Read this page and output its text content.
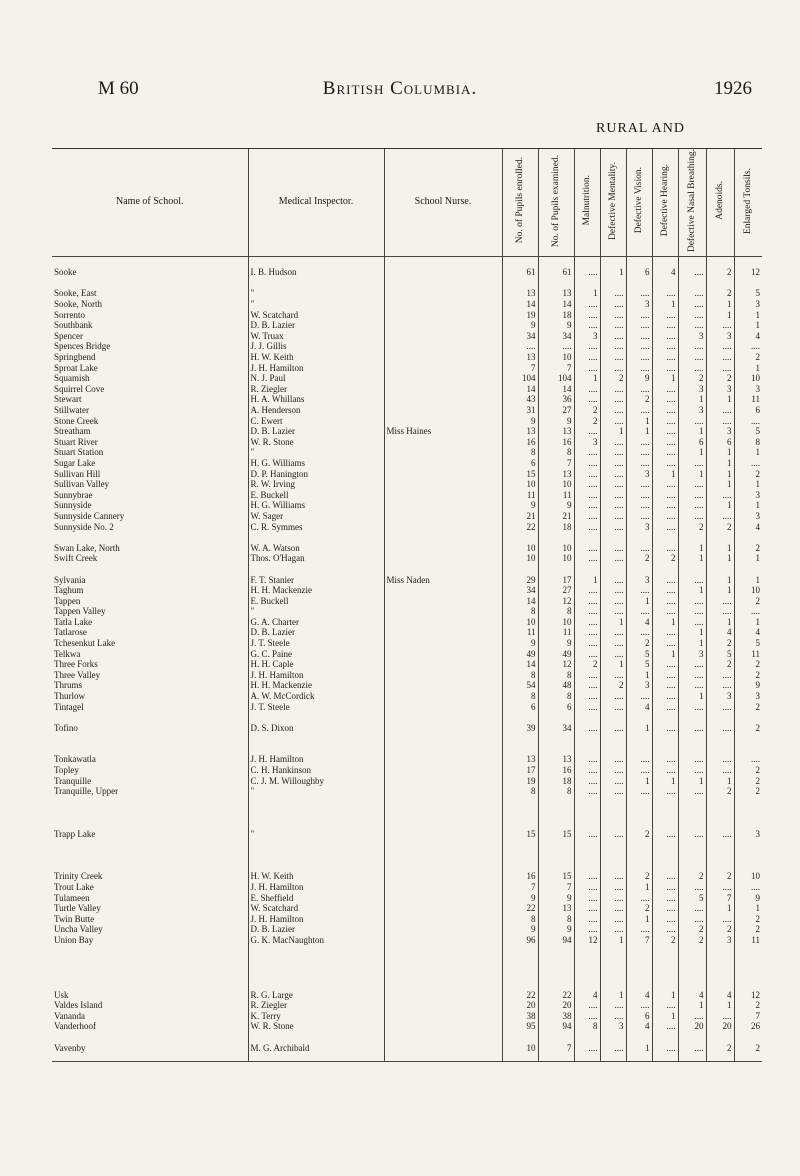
M 60	British Columbia.	1926
RURAL AND
Name of School.	Medical Inspector.	School Nurse.	No. of Pupils enrolled.	No. of Pupils examined.	Malnutrition.	Defective Mentality.	Defective Vision.	Defective Hearing.	Defective Nasal Breathing.	Adenoids.	Enlarged Tonsils.

Sooke	I. B. Hudson		61	61	....	1	6	4	....	2	12

Sooke, East	"		13	13	1	....	....	....	....	2	5
Sooke, North	"		14	14	....	....	3	1	....	1	3
Sorrento	W. Scatchard		19	18	....	....	....	....	....	1	1
Southbank	D. B. Lazier		9	9	....	....	....	....	....	....	1
Spencer	W. Truax		34	34	3	....	....	....	3	3	4
Spences Bridge	J. J. Gillis		....	....	....	....	....	....	....	....	....
Springbend	H. W. Keith		13	10	....	....	....	....	....	....	2
Sproat Lake	J. H. Hamilton		7	7	....	....	....	....	....	....	1
Squamish	N. J. Paul		104	104	1	2	9	1	2	2	10
Squirrel Cove	R. Ziegler		14	14	....	....	....	....	3	3	3
Stewart	H. A. Whillans		43	36	....	....	2	....	1	1	11
Stillwater	A. Henderson		31	27	2	....	....	....	3	....	6
Stone Creek	C. Ewert		9	9	2	....	1	....	....	....	....
Streatham	D. B. Lazier	Miss Haines	13	13	....	1	1	....	1	3	5
Stuart River	W. R. Stone		16	16	3	....	....	....	6	6	8
Stuart Station	"		8	8	....	....	....	....	1	1	1
Sugar Lake	H. G. Williams		6	7	....	....	....	....	....	1	....
Sullivan Hill	D. P. Hanington		15	13	....	....	3	1	1	1	2
Sullivan Valley	R. W. Irving		10	10	....	....	....	....	....	1	1
Sunnybrae	E. Buckell		11	11	....	....	....	....	....	....	3
Sunnyside	H. G. Williams		9	9	....	....	....	....	....	1	1
Sunnyside Cannery	W. Sager		21	21	....	....	....	....	....	....	3
Sunnyside No. 2	C. R. Symmes		22	18	....	....	3	....	2	2	4

Swan Lake, North	W. A. Watson		10	10	....	....	....	....	1	1	2
Swift Creek	Thos. O'Hagan		10	10	....	....	2	2	1	1	1

Sylvania	F. T. Stanier	Miss Naden	29	17	1	....	3	....	....	1	1
Taghum	H. H. Mackenzie		34	27	....	....	....	....	1	1	10
Tappen	E. Buckell		14	12	....	....	1	....	....	....	2
Tappen Valley	"		8	8	....	....	....	....	....	....	....
Tatla Lake	G. A. Charter		10	10	....	1	4	1	....	1	1
Tatlarose	D. B. Lazier		11	11	....	....	....	....	1	4	4
Tchesenkut Lake	J. T. Steele		9	9	....	....	2	....	1	2	5
Telkwa	G. C. Paine		49	49	....	....	5	1	3	5	11
Three Forks	H. H. Caple		14	12	2	1	5	....	....	2	2
Three Valley	J. H. Hamilton		8	8	....	....	1	....	....	....	2
Thrums	H. H. Mackenzie		54	48	....	2	3	....	....	....	9
Thurlow	A. W. McCordick		8	8	....	....	....	....	1	3	3
Tintagel	J. T. Steele		6	6	....	....	4	....	....	....	2

Tofino	D. S. Dixon		39	34	....	....	1	....	....	....	2

Tonkawatla	J. H. Hamilton		13	13	....	....	....	....	....	....	....
Topley	C. H. Hankinson		17	16	....	....	....	....	....	....	2
Tranquille	C. J. M. Willoughby		19	18	....	....	1	1	1	1	2
Tranquille, Upper	"		8	8	....	....	....	....	....	2	2

Trapp Lake	"		15	15	....	....	2	....	....	....	3

Trinity Creek	H. W. Keith		16	15	....	....	2	....	2	2	10
Trout Lake	J. H. Hamilton		7	7	....	....	1	....	....	....	....
Tulameen	E. Sheffield		9	9	....	....	....	....	5	7	9
Turtle Valley	W. Scatchard		22	13	....	....	2	....	....	1	1
Twin Butte	J. H. Hamilton		8	8	....	....	1	....	....	....	2
Uncha Valley	D. B. Lazier		9	9	....	....	....	....	2	2	2
Union Bay	G. K. MacNaughton		96	94	12	1	7	2	2	3	11

Usk	R. G. Large		22	22	4	1	4	1	4	4	12
Valdes Island	R. Ziegler		20	20	....	....	....	....	1	1	2
Vananda	K. Terry		38	38	....	....	6	1	....	....	7
Vanderhoof	W. R. Stone		95	94	8	3	4	....	20	20	26

Vavenby	M. G. Archibald		10	7	....	....	1	....	....	2	2
